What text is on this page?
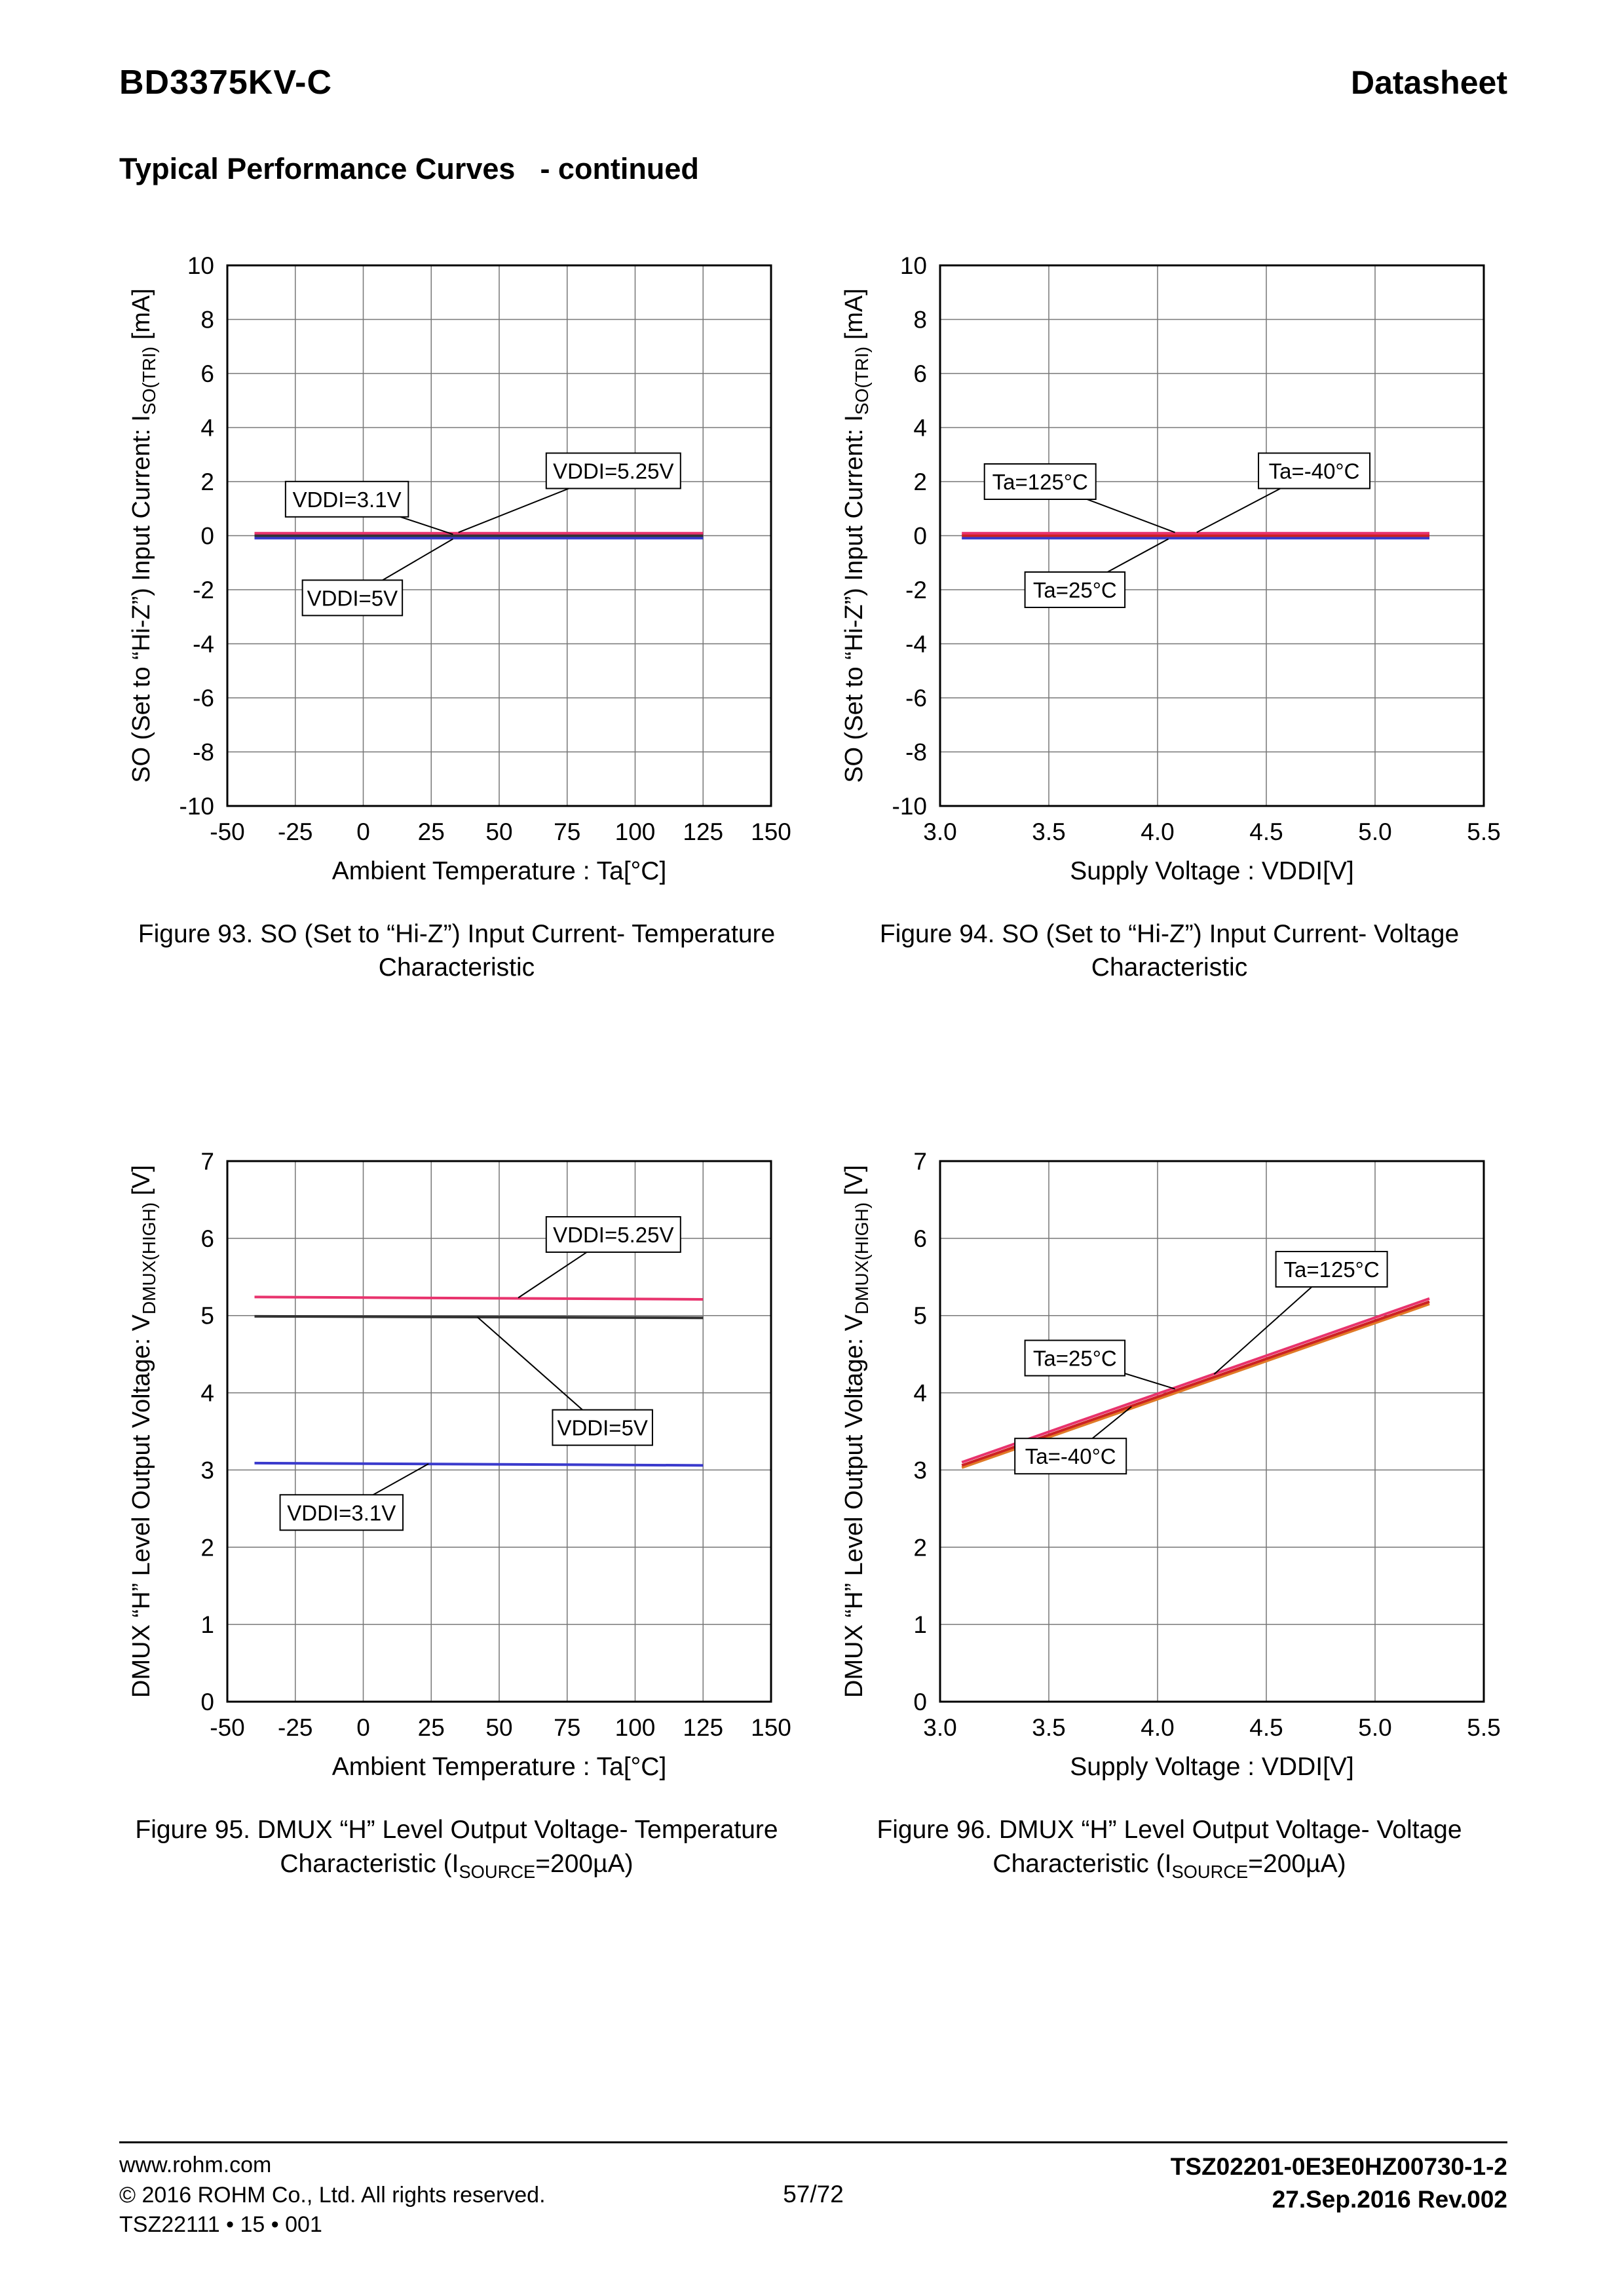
BD3375KV-C	Datasheet
Typical Performance Curves - continued
-50 -25 0 25 50 75 100 125 150
-10
-8
-6
-4
-2
0
2
4
6
8
10
VDDI=3.1V
VDDI=5.25V
VDDI=5V
Ambient Temperature : Ta[°C]
SO (Set to “Hi-Z”) Input Current: $I_{SO(TRI)}$ [mA]
Figure 93. SO (Set to “Hi-Z”) Input Current- Temperature
Characteristic
3.0	3.5	4.0	4.5	5.0	5.5
-10
-8
-6
-4
-2
0
2
4
6
8
10
Ta=125°C	Ta=-40°C
Ta=25°C
Supply Voltage : VDDI[V]
SO (Set to “Hi-Z”) Input Current: $I_{SO(TRI)}$ [mA]
Figure 94. SO (Set to “Hi-Z”) Input Current- Voltage
Characteristic
-50 -25 0 25 50 75 100 125 150
0
1
2
3
4
5
6
7
VDDI=5.25V
VDDI=5V
VDDI=3.1V
Ambient Temperature : Ta[°C]
DMUX “H” Level Output Voltage: $V_{DMUX(HIGH)}$ [V]
Figure 95. DMUX “H” Level Output Voltage- Temperature
Characteristic $(I_{SOURCE}=200\mu A)$
3.0	3.5	4.0	4.5	5.0	5.5
0
1
2
3
4
5
6
7
Ta=125°C
Ta=25°C
Ta=-40°C
Supply Voltage : VDDI[V]
DMUX “H” Level Output Voltage: $V_{DMUX(HIGH)}$ [V]
Figure 96. DMUX “H” Level Output Voltage- Voltage
Characteristic $(I_{SOURCE}=200\mu A)$
www.rohm.com
© 2016 ROHM Co., Ltd. All rights reserved.
TSZ22111 • 15 • 001
57/72
TSZ02201-0E3E0HZ00730-1-2
27.Sep.2016 Rev.002
